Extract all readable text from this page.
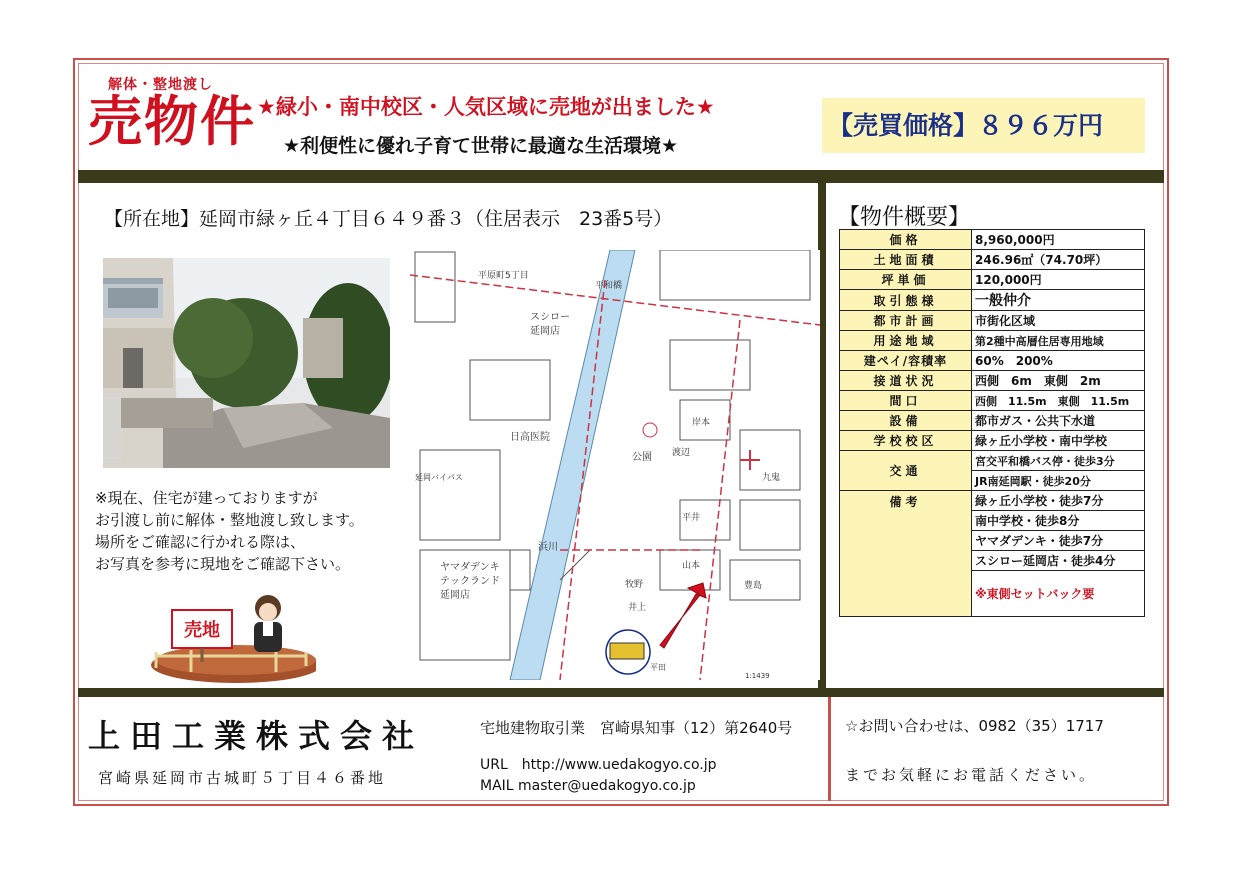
解体・整地渡し
売物件 ★緑小・南中校区・人気区域に売地が出ました★
★利便性に優れ子育て世帯に最適な生活環境★
【売買価格】８９６万円
【所在地】延岡市緑ヶ丘４丁目６４９番３（住居表示　23番5号）
※現在、住宅が建っておりますが
お引渡し前に解体・整地渡し致します。
場所をご確認に行かれる際は、
お写真を参考に現地をご確認下さい。
売地
平原町5丁目
平和橋
スシロー
延岡店
ヤマダデンキ
テックランド
延岡店
日高医院
公園
浜川
岸本
渡辺
九鬼
平井
山本
豊島
牧野
井上
延岡バイパス
平田
1:1439
【物件概要】
価格	8,960,000円
土地面積	246.96㎡（74.70坪）
坪単価	120,000円
取引態様	一般仲介
都市計画	市街化区域
用途地域	第2種中高層住居専用地域
建ペイ/容積率	60%　200%
接道状況	西側　6m　東側　2m
間口	西側　11.5m　東側　11.5m
設備	都市ガス・公共下水道
学校校区	緑ヶ丘小学校・南中学校
交通	宮交平和橋バス停・徒歩3分
	JR南延岡駅・徒歩20分
備考	緑ヶ丘小学校・徒歩7分
	南中学校・徒歩8分
	ヤマダデンキ・徒歩7分
	スシロー延岡店・徒歩4分
	※東側セットバック要
上田工業株式会社	宅地建物取引業　宮崎県知事（12）第2640号
宮崎県延岡市古城町５丁目４６番地
URL　http://www.uedakogyo.co.jp
MAIL master@uedakogyo.co.jp
☆お問い合わせは、0982（35）1717
までお気軽にお電話ください。
